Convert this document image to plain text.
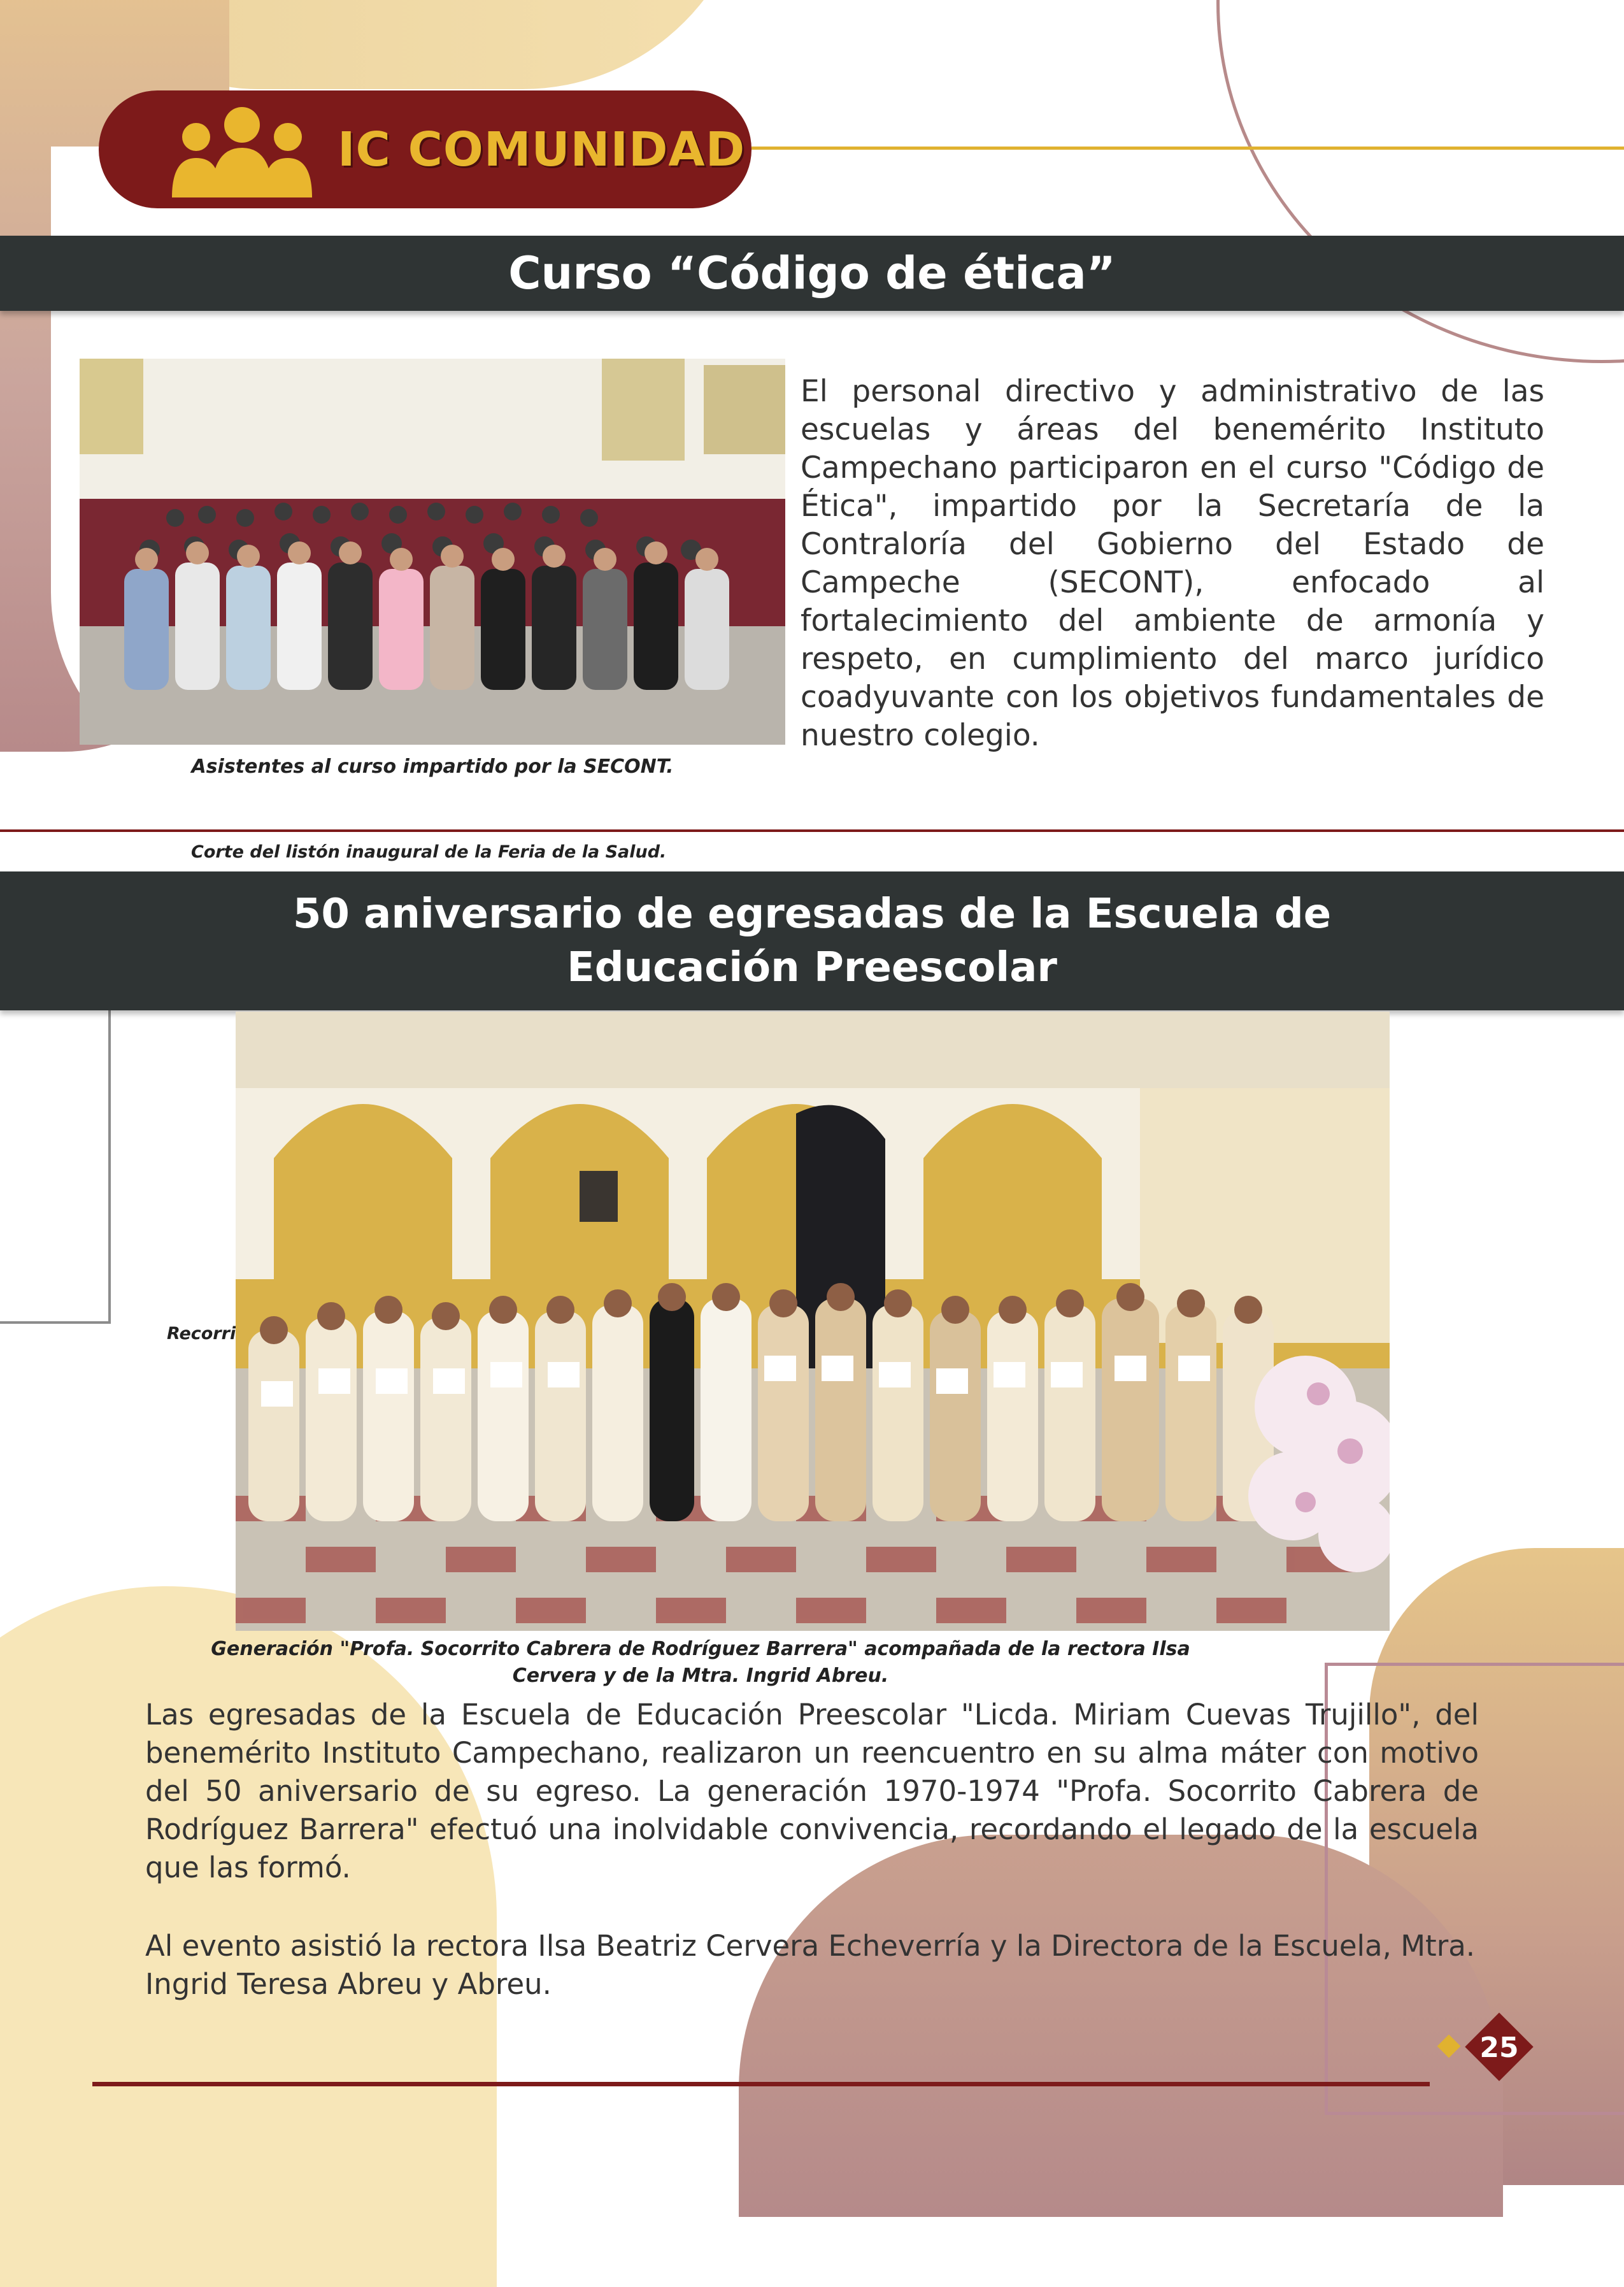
IC COMUNIDAD
Curso “Código de ética”
Asistentes al curso impartido por la SECONT.
El personal directivo y administrativo de las escuelas y áreas del benemérito Instituto Campechano participaron en el curso "Código de Ética", impartido por la Secretaría de la Contraloría del Gobierno del Estado de Campeche (SECONT), enfocado al fortalecimiento del ambiente de armonía y respeto, en cumplimiento del marco jurídico coadyuvante con los objetivos fundamentales de nuestro colegio.
Corte del listón inaugural de la Feria de la Salud.
50 aniversario de egresadas de la Escuela de Educación Preescolar
Recorri
Generación "Profa. Socorrito Cabrera de Rodríguez Barrera" acompañada de la rectora Ilsa Cervera y de la Mtra. Ingrid Abreu.
Las egresadas de la Escuela de Educación Preescolar "Licda. Miriam Cuevas Trujillo", del benemérito Instituto Campechano, realizaron un reencuentro en su alma máter con motivo del 50 aniversario de su egreso. La generación 1970-1974 "Profa. Socorrito Cabrera de Rodríguez Barrera" efectuó una inolvidable convivencia, recordando el legado de la escuela que las formó.
Al evento asistió la rectora Ilsa Beatriz Cervera Echeverría y la Directora de la Escuela, Mtra. Ingrid Teresa Abreu y Abreu.
25
